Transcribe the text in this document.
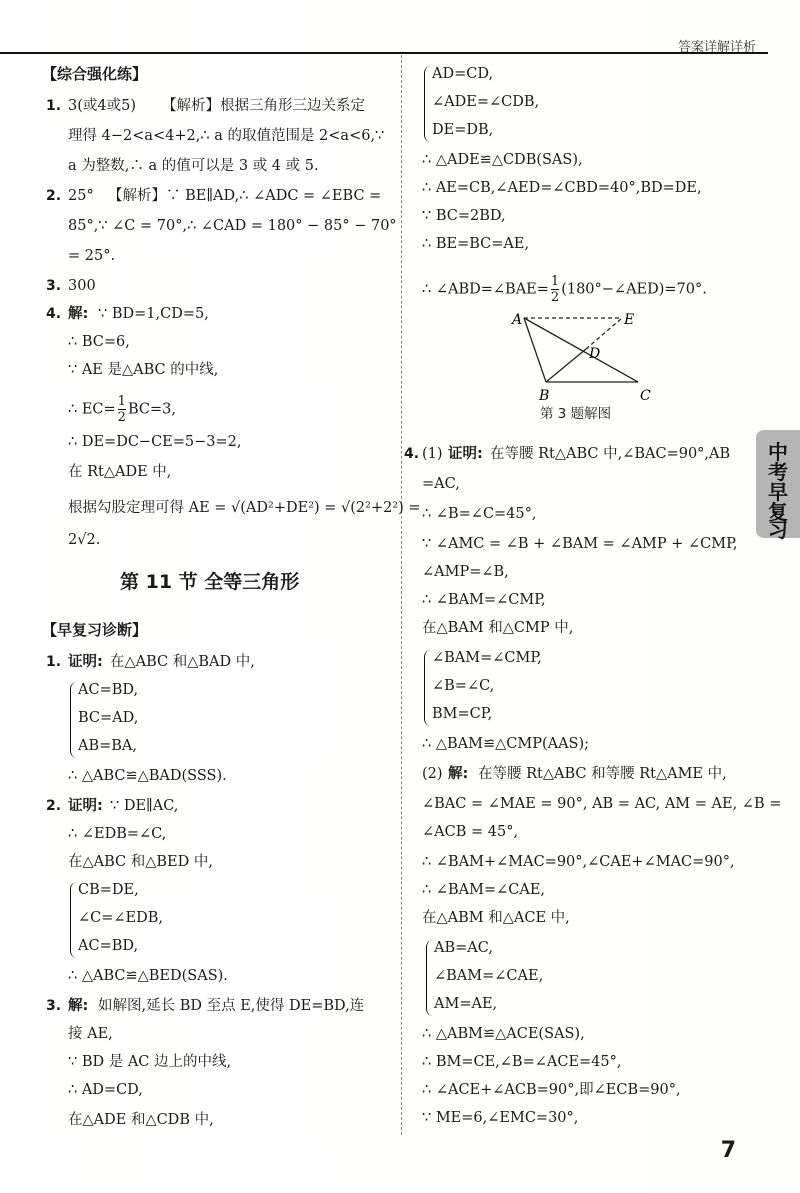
答案详解详析
【综合强化练】
1. 3(或4或5) 【解析】根据三角形三边关系定
理得 4−2<a<4+2,∴ a 的取值范围是 2<a<6,∵
a 为整数,∴ a 的值可以是 3 或 4 或 5.
2. 25° 【解析】∵ BE∥AD,∴ ∠ADC = ∠EBC =
85°,∵ ∠C = 70°,∴ ∠CAD = 180° − 85° − 70°
= 25°.
3. 300
4. 解: ∵ BD=1,CD=5,
∴ BC=6,
∵ AE 是△ABC 的中线,
∴ $EC= \frac{1}{2} BC=3$,
∴ DE=DC−CE=5−3=2,
在 Rt△ADE 中,
根据勾股定理可得 AE = √(AD²+DE²) = √(2²+2²) =
2√2.
第 11 节 全等三角形
【早复习诊断】
1. 证明: 在△ABC 和△BAD 中,
AC=BD,
BC=AD,
AB=BA,
∴ △ABC≌△BAD(SSS).
2. 证明: ∵ DE∥AC,
∴ ∠EDB=∠C,
在△ABC 和△BED 中,
CB=DE,
∠C=∠EDB,
AC=BD,
∴ △ABC≌△BED(SAS).
3. 解: 如解图,延长 BD 至点 E,使得 DE=BD,连
接 AE,
∵ BD 是 AC 边上的中线,
∴ AD=CD,
在△ADE 和△CDB 中,
AD=CD,
∠ADE=∠CDB,
DE=DB,
∴ △ADE≌△CDB(SAS),
∴ AE=CB,∠AED=∠CBD=40°,BD=DE,
∵ BC=2BD,
∴ BE=BC=AE,
∴ ∠ABD=∠BAE= $\frac{1}{2}$ (180°−∠AED)=70°.
A	E
D
B	C
第 3 题解图
4. (1) 证明: 在等腰 Rt△ABC 中,∠BAC=90°,AB
=AC,
∴ ∠B=∠C=45°,
∵ ∠AMC = ∠B + ∠BAM = ∠AMP + ∠CMP,
∠AMP=∠B,
∴ ∠BAM=∠CMP,
在△BAM 和△CMP 中,
∠BAM=∠CMP,
∠B=∠C,
BM=CP,
∴ △BAM≌△CMP(AAS);
(2) 解: 在等腰 Rt△ABC 和等腰 Rt△AME 中,
∠BAC = ∠MAE = 90°, AB = AC, AM = AE, ∠B =
∠ACB = 45°,
∴ ∠BAM+∠MAC=90°,∠CAE+∠MAC=90°,
∴ ∠BAM=∠CAE,
在△ABM 和△ACE 中,
AB=AC,
∠BAM=∠CAE,
AM=AE,
∴ △ABM≌△ACE(SAS),
∴ BM=CE,∠B=∠ACE=45°,
∴ ∠ACE+∠ACB=90°,即∠ECB=90°,
∵ ME=6,∠EMC=30°,
中
考
早
复
习
7
